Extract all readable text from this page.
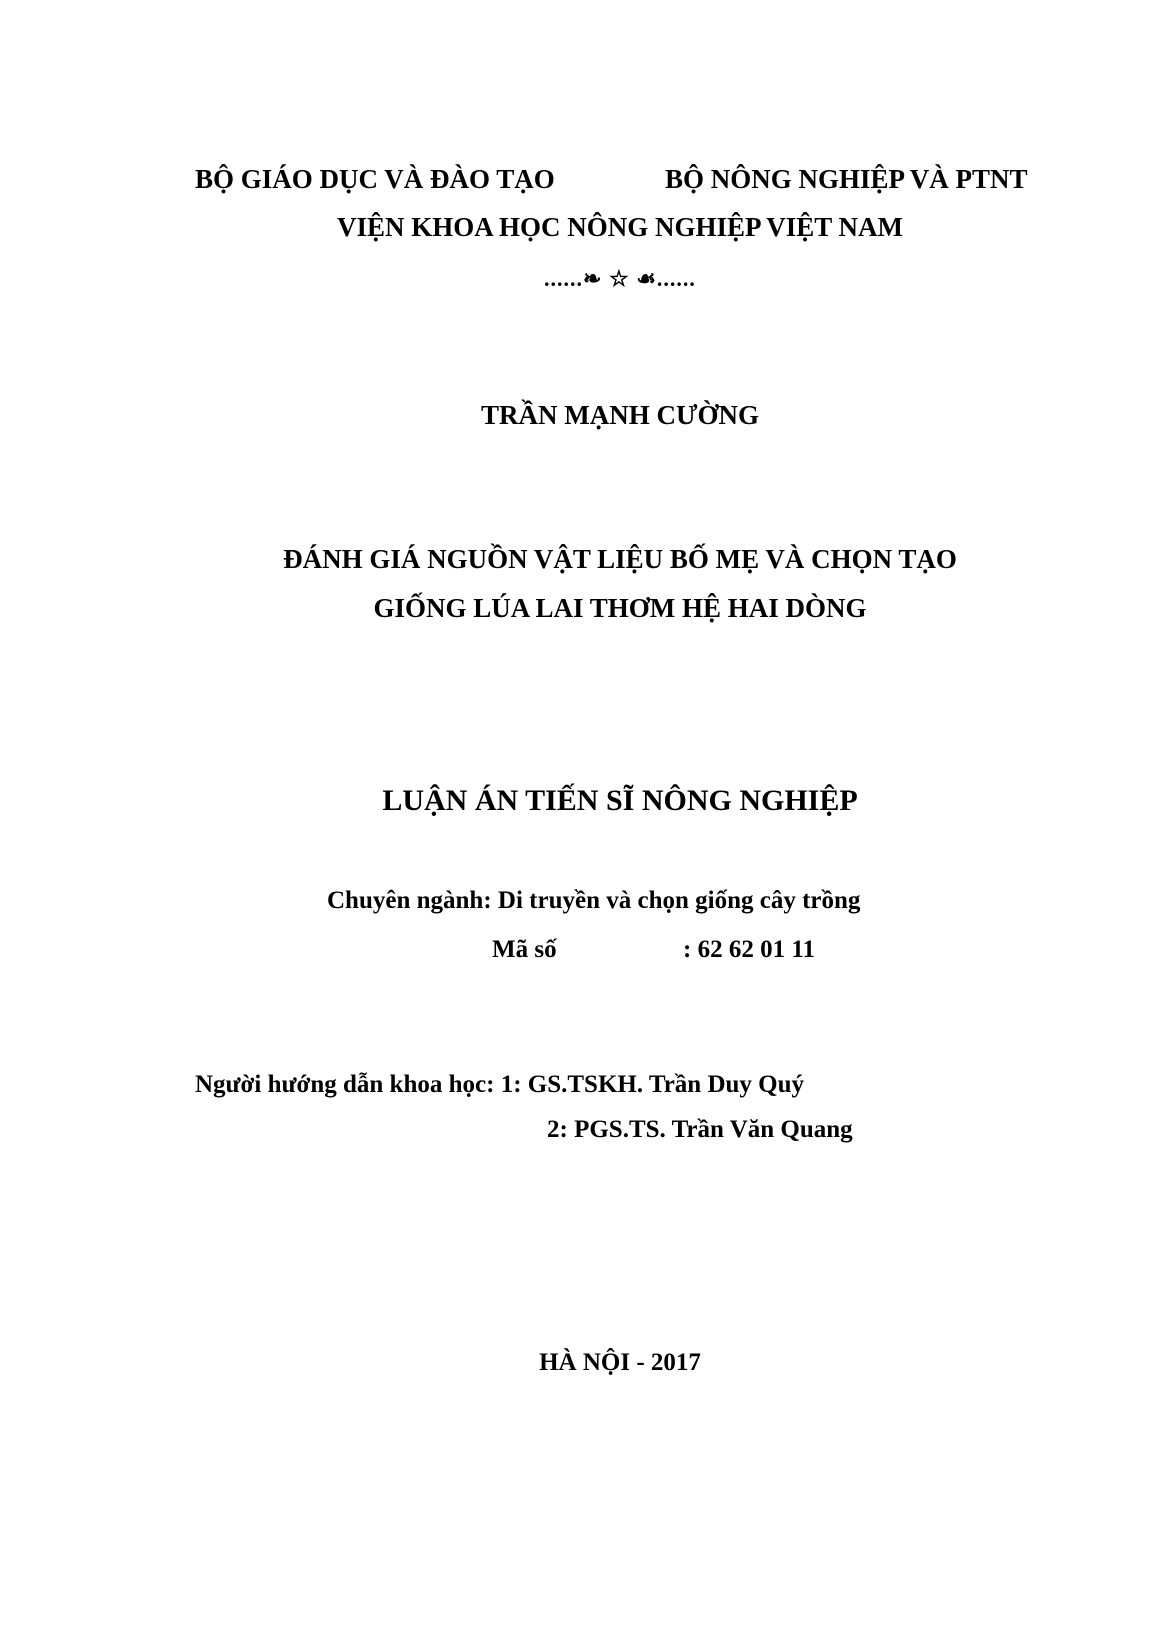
BỘ GIÁO DỤC VÀ ĐÀO TẠO	BỘ NÔNG NGHIỆP VÀ PTNT
VIỆN KHOA HỌC NÔNG NGHIỆP VIỆT NAM
......❧ ☆ ☙......
TRẦN MẠNH CƯỜNG
ĐÁNH GIÁ NGUỒN VẬT LIỆU BỐ MẸ VÀ CHỌN TẠO
GIỐNG LÚA LAI THƠM HỆ HAI DÒNG
LUẬN ÁN TIẾN SĨ NÔNG NGHIỆP
Chuyên ngành: Di truyền và chọn giống cây trồng
Mã số	: 62 62 01 11
Người hướng dẫn khoa học: 1: GS.TSKH. Trần Duy Quý
2: PGS.TS. Trần Văn Quang
HÀ NỘI - 2017
